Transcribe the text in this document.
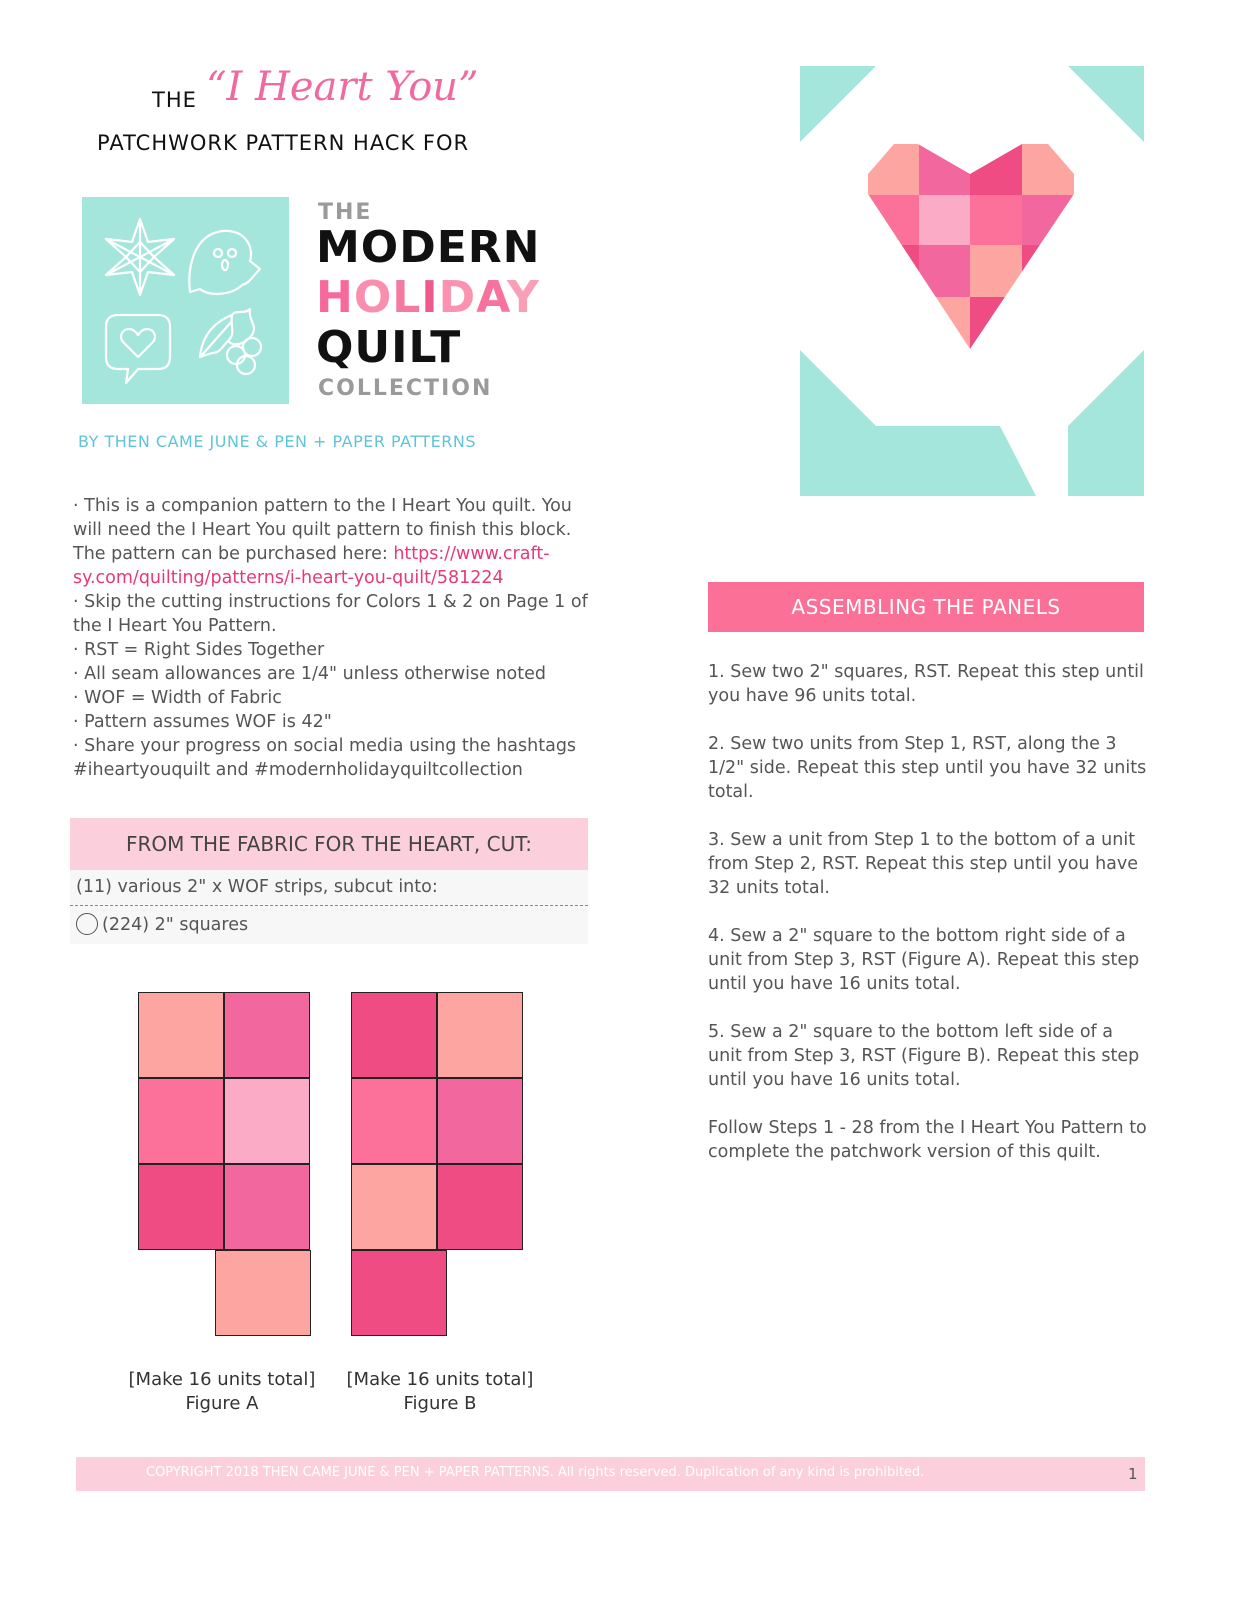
THE “I Heart You”
PATCHWORK PATTERN HACK FOR
THE
MODERN
HOLIDAY
QUILT
COLLECTION
BY THEN CAME JUNE & PEN + PAPER PATTERNS
· This is a companion pattern to the I Heart You quilt. You will need the I Heart You quilt pattern to finish this block. The pattern can be purchased here: https://www.craft-sy.com/quilting/patterns/i-heart-you-quilt/581224
· Skip the cutting instructions for Colors 1 & 2 on Page 1 of the I Heart You Pattern.
· RST = Right Sides Together
· All seam allowances are 1/4" unless otherwise noted
· WOF = Width of Fabric
· Pattern assumes WOF is 42"
· Share your progress on social media using the hashtags #iheartyouquilt and #modernholidayquiltcollection
FROM THE FABRIC FOR THE HEART, CUT:
(11) various 2" x WOF strips, subcut into:
(224) 2" squares
[Make 16 units total]
Figure A
[Make 16 units total]
Figure B
ASSEMBLING THE PANELS

1. Sew two 2" squares, RST. Repeat this step until you have 96 units total.

2. Sew two units from Step 1, RST, along the 3 1/2" side. Repeat this step until you have 32 units total.

3. Sew a unit from Step 1 to the bottom of a unit from Step 2, RST. Repeat this step until you have 32 units total.

4. Sew a 2" square to the bottom right side of a unit from Step 3, RST (Figure A). Repeat this step until you have 16 units total.

5. Sew a 2" square to the bottom left side of a unit from Step 3, RST (Figure B). Repeat this step until you have 16 units total.

Follow Steps 1 - 28 from the I Heart You Pattern to complete the patchwork version of this quilt.

COPYRIGHT 2018 THEN CAME JUNE & PEN + PAPER PATTERNS. All rights reserved. Duplication of any kind is prohibited.	1
